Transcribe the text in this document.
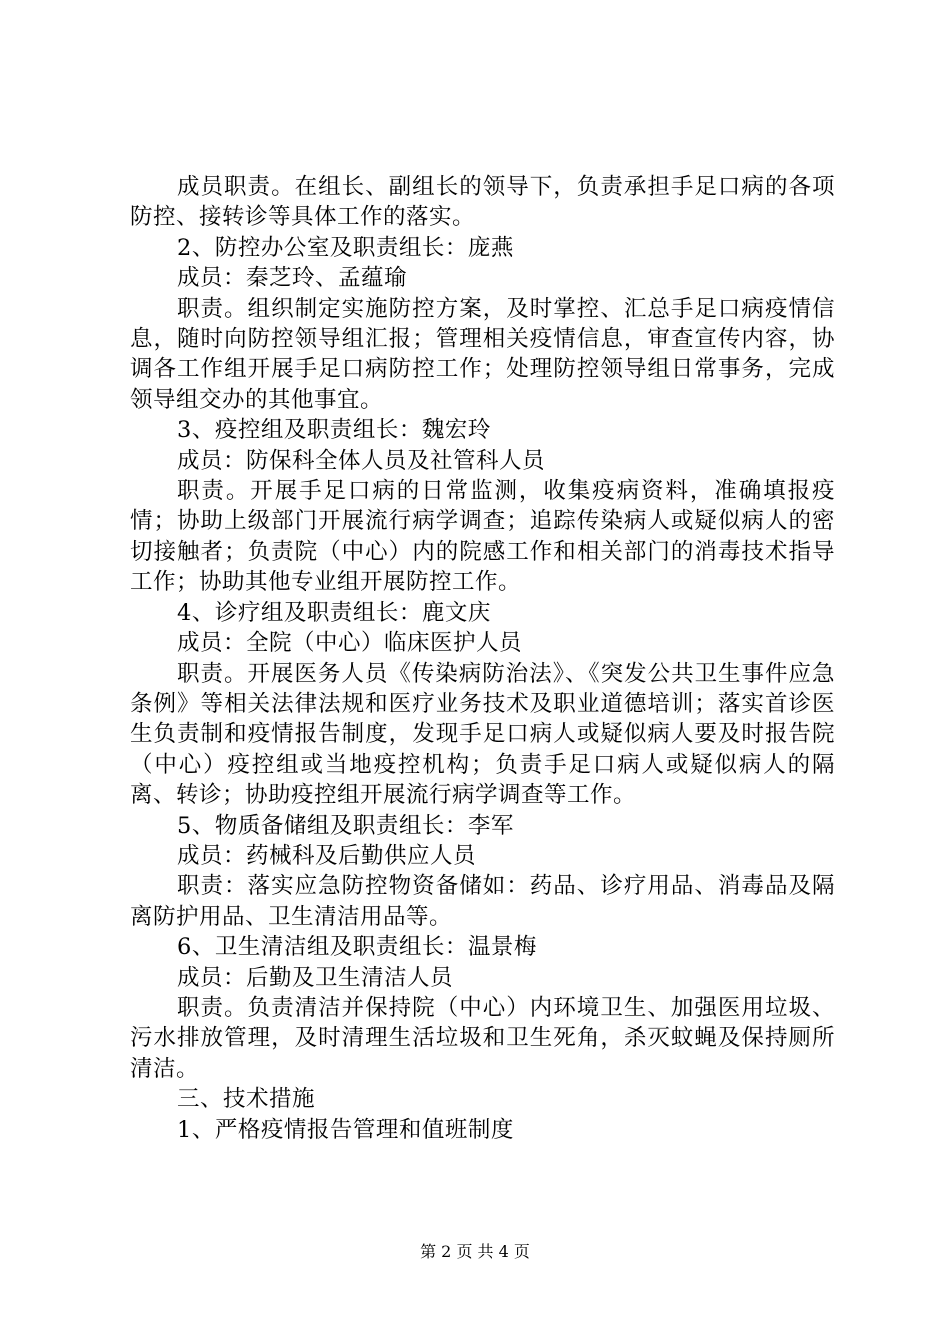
成员职责。在组长、副组长的领导下，负责承担手足口病的各项防控、接转诊等具体工作的落实。

2、防控办公室及职责组长：庞燕

成员：秦芝玲、孟蕴瑜

职责。组织制定实施防控方案，及时掌控、汇总手足口病疫情信息，随时向防控领导组汇报；管理相关疫情信息，审查宣传内容，协调各工作组开展手足口病防控工作；处理防控领导组日常事务，完成领导组交办的其他事宜。

3、疫控组及职责组长：魏宏玲

成员：防保科全体人员及社管科人员

职责。开展手足口病的日常监测，收集疫病资料，准确填报疫情；协助上级部门开展流行病学调查；追踪传染病人或疑似病人的密切接触者；负责院（中心）内的院感工作和相关部门的消毒技术指导工作；协助其他专业组开展防控工作。

4、诊疗组及职责组长：鹿文庆

成员：全院（中心）临床医护人员

职责。开展医务人员《传染病防治法》、《突发公共卫生事件应急条例》等相关法律法规和医疗业务技术及职业道德培训；落实首诊医生负责制和疫情报告制度，发现手足口病人或疑似病人要及时报告院（中心）疫控组或当地疫控机构；负责手足口病人或疑似病人的隔离、转诊；协助疫控组开展流行病学调查等工作。

5、物质备储组及职责组长：李军

成员：药械科及后勤供应人员

职责：落实应急防控物资备储如：药品、诊疗用品、消毒品及隔离防护用品、卫生清洁用品等。

6、卫生清洁组及职责组长：温景梅

成员：后勤及卫生清洁人员

职责。负责清洁并保持院（中心）内环境卫生、加强医用垃圾、污水排放管理，及时清理生活垃圾和卫生死角，杀灭蚊蝇及保持厕所清洁。

三、技术措施

1、严格疫情报告管理和值班制度

第 2 页 共 4 页
